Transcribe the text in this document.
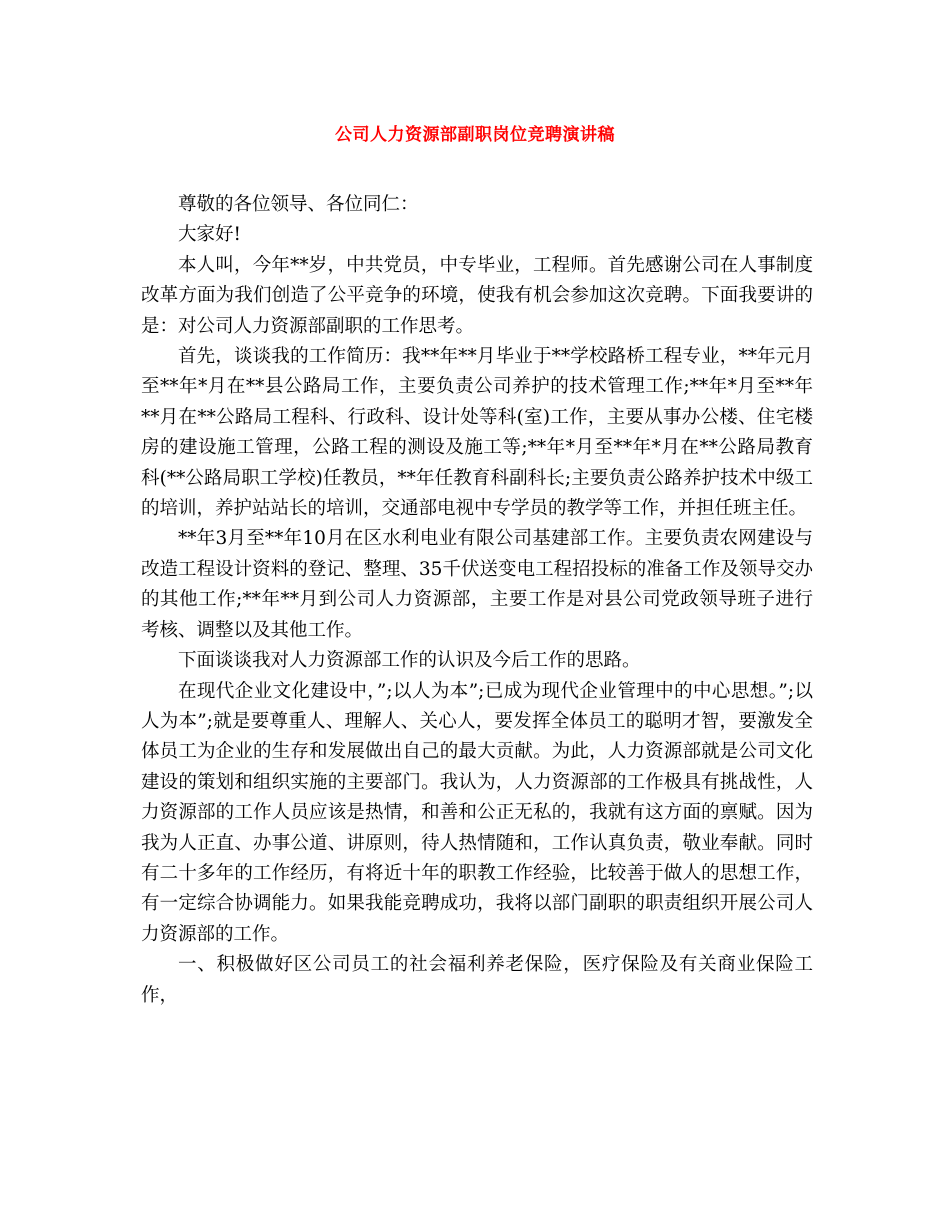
公司人力资源部副职岗位竞聘演讲稿

尊敬的各位领导、各位同仁：

大家好!

本人叫，今年**岁，中共党员，中专毕业，工程师。首先感谢公司在人事制度改革方面为我们创造了公平竞争的环境，使我有机会参加这次竞聘。下面我要讲的是：对公司人力资源部副职的工作思考。

首先，谈谈我的工作简历：我**年**月毕业于**学校路桥工程专业，**年元月至**年*月在**县公路局工作，主要负责公司养护的技术管理工作;**年*月至**年**月在**公路局工程科、行政科、设计处等科(室)工作，主要从事办公楼、住宅楼房的建设施工管理，公路工程的测设及施工等;**年*月至**年*月在**公路局教育科(**公路局职工学校)任教员，**年任教育科副科长;主要负责公路养护技术中级工的培训，养护站站长的培训，交通部电视中专学员的教学等工作，并担任班主任。

**年3月至**年10月在区水利电业有限公司基建部工作。主要负责农网建设与改造工程设计资料的登记、整理、35千伏送变电工程招投标的准备工作及领导交办的其他工作;**年**月到公司人力资源部，主要工作是对县公司党政领导班子进行考核、调整以及其他工作。

下面谈谈我对人力资源部工作的认识及今后工作的思路。

在现代企业文化建设中，”;以人为本”;已成为现代企业管理中的中心思想。”;以人为本”;就是要尊重人、理解人、关心人，要发挥全体员工的聪明才智，要激发全体员工为企业的生存和发展做出自己的最大贡献。为此，人力资源部就是公司文化建设的策划和组织实施的主要部门。我认为，人力资源部的工作极具有挑战性，人力资源部的工作人员应该是热情，和善和公正无私的，我就有这方面的禀赋。因为我为人正直、办事公道、讲原则，待人热情随和，工作认真负责，敬业奉献。同时有二十多年的工作经历，有将近十年的职教工作经验，比较善于做人的思想工作，有一定综合协调能力。如果我能竞聘成功，我将以部门副职的职责组织开展公司人力资源部的工作。

一、积极做好区公司员工的社会福利养老保险，医疗保险及有关商业保险工作，
